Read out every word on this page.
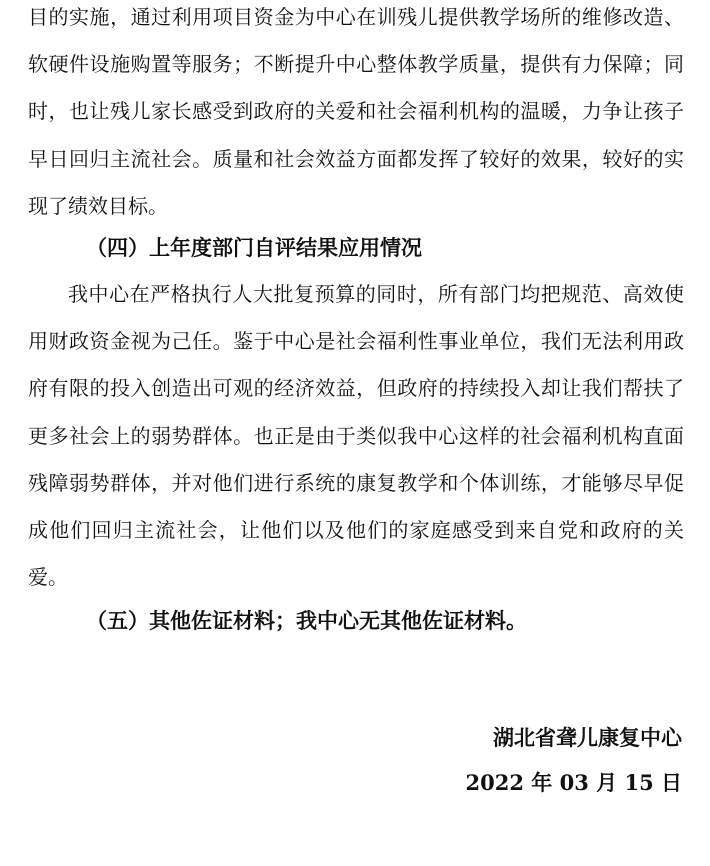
目的实施，通过利用项目资金为中心在训残儿提供教学场所的维修改造、软硬件设施购置等服务；不断提升中心整体教学质量，提供有力保障；同时，也让残儿家长感受到政府的关爱和社会福利机构的温暖，力争让孩子早日回归主流社会。质量和社会效益方面都发挥了较好的效果，较好的实现了绩效目标。

（四）上年度部门自评结果应用情况

我中心在严格执行人大批复预算的同时，所有部门均把规范、高效使用财政资金视为己任。鉴于中心是社会福利性事业单位，我们无法利用政府有限的投入创造出可观的经济效益，但政府的持续投入却让我们帮扶了更多社会上的弱势群体。也正是由于类似我中心这样的社会福利机构直面残障弱势群体，并对他们进行系统的康复教学和个体训练，才能够尽早促成他们回归主流社会，让他们以及他们的家庭感受到来自党和政府的关爱。

（五）其他佐证材料；我中心无其他佐证材料。

湖北省聋儿康复中心

2022 年 03 月 15 日
